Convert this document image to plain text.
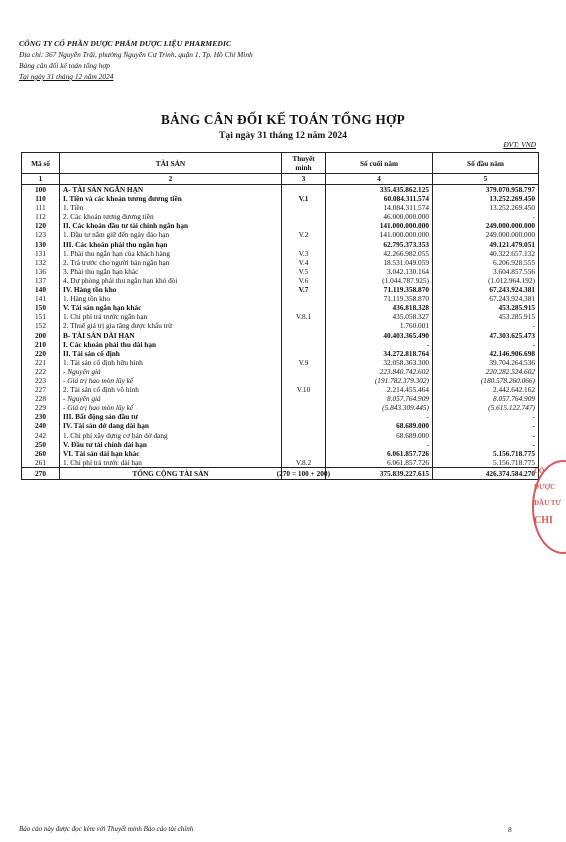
CÔNG TY CỔ PHẦN DƯỢC PHẨM DƯỢC LIỆU PHARMEDIC
Địa chỉ: 367 Nguyễn Trãi, phường Nguyễn Cư Trinh, quận 1, Tp. Hồ Chí Minh
Bảng cân đối kế toán tổng hợp
Tại ngày 31 tháng 12 năm 2024
BẢNG CÂN ĐỐI KẾ TOÁN TỔNG HỢP
Tại ngày 31 tháng 12 năm 2024
ĐVT: VND
Mã số	TÀI SẢN	Thuyết minh	Số cuối năm	Số đầu năm
1	2	3	4	5
100	A- TÀI SẢN NGẮN HẠN		335.435.862.125	379.070.958.797
110	I. Tiền và các khoản tương đương tiền	V.1	60.084.311.574	13.252.269.450
111	1. Tiền		14.084.311.574	13.252.269.450
112	2. Các khoản tương đương tiền		46.000.000.000	-
120	II. Các khoản đầu tư tài chính ngắn hạn		141.000.000.000	249.000.000.000
123	1. Đầu tư nắm giữ đến ngày đáo hạn	V.2	141.000.000.000	249.000.000.000
130	III. Các khoản phải thu ngắn hạn		62.795.373.353	49.121.479.051
131	1. Phải thu ngắn hạn của khách hàng	V.3	42.266.982.055	40.322.657.132
132	2. Trả trước cho người bán ngắn hạn	V.4	18.531.049.059	6.206.928.555
136	3. Phải thu ngắn hạn khác	V.5	3.042.130.164	3.604.857.556
137	4. Dự phòng phải thu ngắn hạn khó đòi	V.6	(1.044.787.925)	(1.012.964.192)
140	IV. Hàng tồn kho	V.7	71.119.358.870	67.243.924.381
141	1. Hàng tồn kho		71.119.358.870	67.243.924.381
150	V. Tài sản ngắn hạn khác		436.818.328	453.285.915
151	1. Chi phí trả trước ngắn hạn	V.8.1	435.058.327	453.285.915
152	2. Thuế giá trị gia tăng được khấu trừ		1.760.001	-
200	B- TÀI SẢN DÀI HẠN		40.403.365.490	47.303.625.473
210	I. Các khoản phải thu dài hạn		-	-
220	II. Tài sản cố định		34.272.818.764	42.146.906.698
221	1. Tài sản cố định hữu hình	V.9	32.058.363.300	39.704.264.536
222	- Nguyên giá		223.840.742.602	220.282.524.602
223	- Giá trị hao mòn lũy kế		(191.782.379.302)	(180.578.260.066)
227	2. Tài sản cố định vô hình	V.10	2.214.455.464	2.442.642.162
228	- Nguyên giá		8.057.764.909	8.057.764.909
229	- Giá trị hao mòn lũy kế		(5.843.309.445)	(5.615.122.747)
230	III. Bất động sản đầu tư		-	-
240	IV. Tài sản dở dang dài hạn		68.689.000	-
242	1. Chi phí xây dựng cơ bản dở dang		68.689.000	-
250	V. Đầu tư tài chính dài hạn		-	-
260	VI. Tài sản dài hạn khác		6.061.857.726	5.156.718.775
261	1. Chi phí trả trước dài hạn	V.8.2	6.061.857.726	5.156.718.775
270	TỔNG CỘNG TÀI SẢN	(270 = 100 + 200)	375.839.227.615	426.374.584.270 CÔ
DƯỢC
ĐẦU TƯ
CHI
Báo cáo này được đọc kèm với Thuyết minh Báo cáo tài chính	8
